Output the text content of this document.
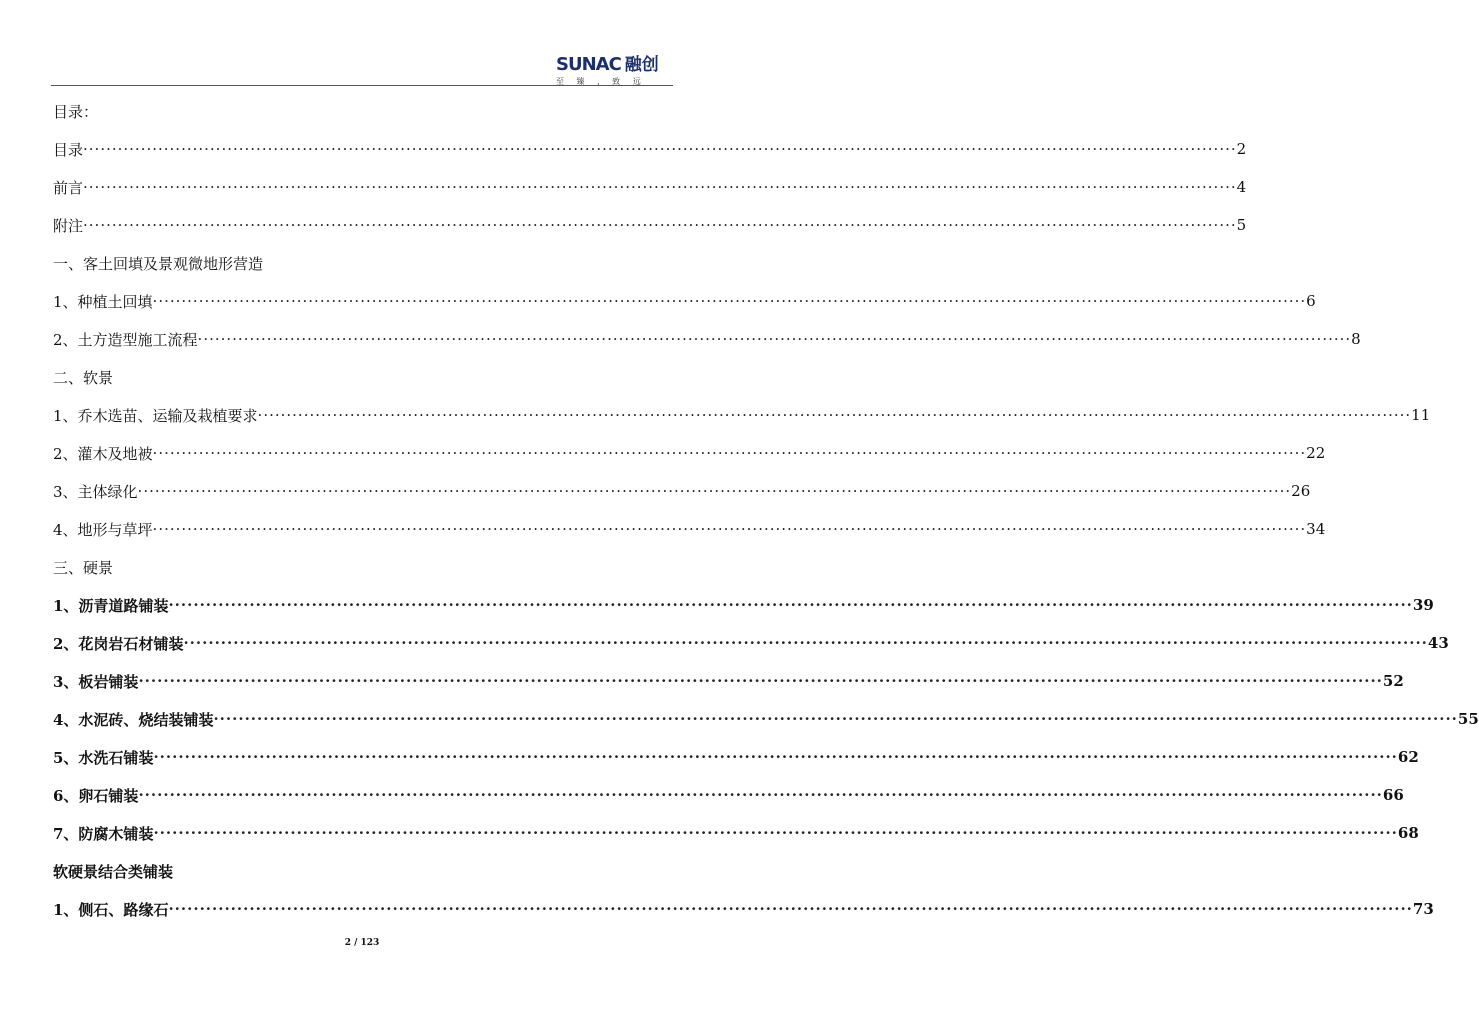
SUNAC 融创
至 臻 , 致 远
目录：
目录 ········································································································································································································ 2
前言 ········································································································································································································ 4
附注 ········································································································································································································ 5
一、客土回填及景观微地形营造
1、种植土回填 ········································································································································································································ 6
2、土方造型施工流程 ········································································································································································································ 8
二、软景
1、乔木选苗、运输及栽植要求 ········································································································································································································ 11
2、灌木及地被 ········································································································································································································ 22
3、主体绿化 ········································································································································································································ 26
4、地形与草坪 ········································································································································································································ 34
三、硬景
1、沥青道路铺装 ········································································································································································································ 39
2、花岗岩石材铺装 ········································································································································································································ 43
3、板岩铺装 ········································································································································································································ 52
4、水泥砖、烧结装铺装 ········································································································································································································ 55
5、水洗石铺装 ········································································································································································································ 62
6、卵石铺装 ········································································································································································································ 66
7、防腐木铺装 ········································································································································································································ 68
软硬景结合类铺装
1、侧石、路缘石 ········································································································································································································ 73
2 / 123
